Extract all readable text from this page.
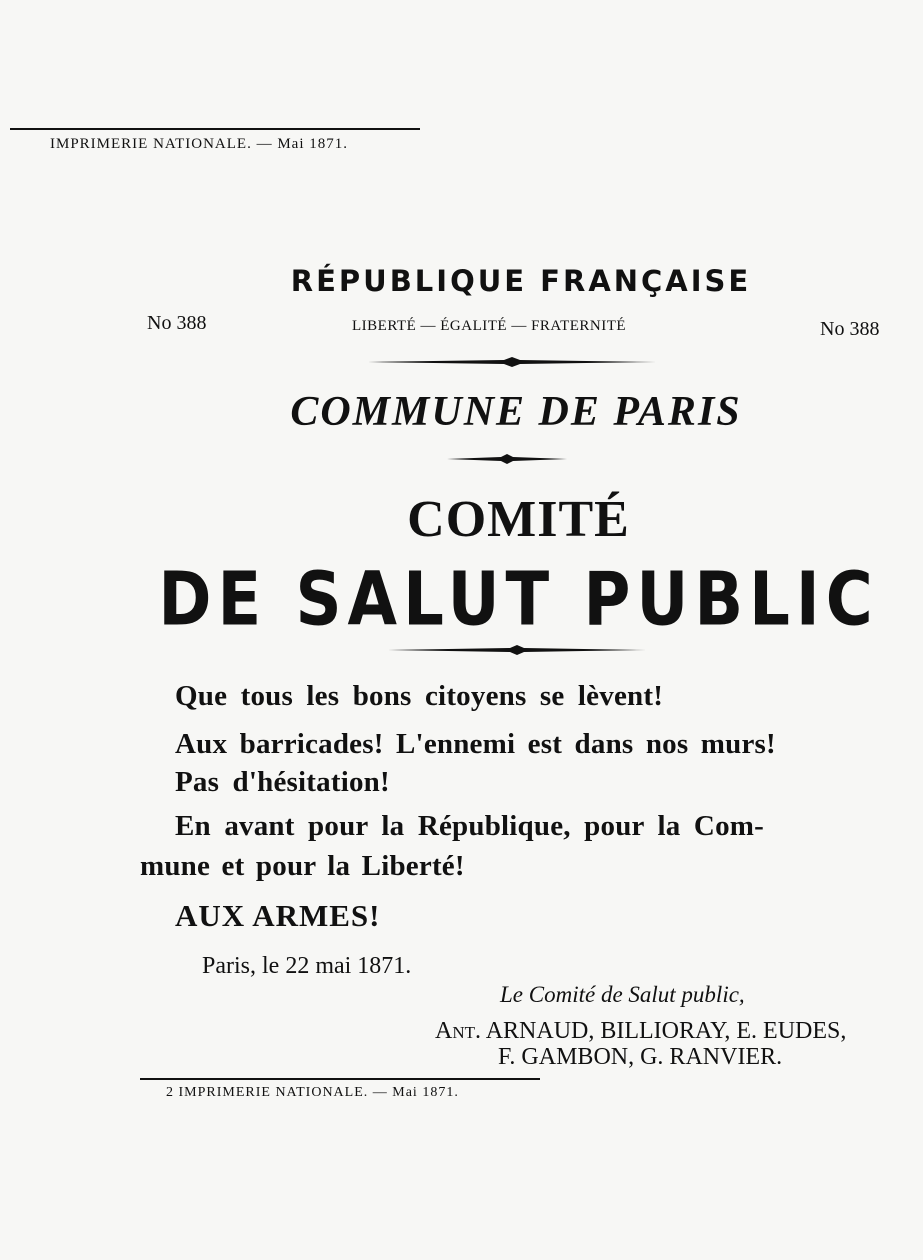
IMPRIMERIE NATIONALE. — Mai 1871.
RÉPUBLIQUE FRANÇAISE
No 388	LIBERTÉ — ÉGALITÉ — FRATERNITÉ	No 388
COMMUNE DE PARIS
COMITÉ
DE SALUT PUBLIC
Que tous les bons citoyens se lèvent!
Aux barricades! L'ennemi est dans nos murs!
Pas d'hésitation!
En avant pour la République, pour la Com-
mune et pour la Liberté!
AUX ARMES!
Paris, le 22 mai 1871.
Le Comité de Salut public,
Ant. ARNAUD, BILLIORAY, E. EUDES,
F. GAMBON, G. RANVIER.
2 IMPRIMERIE NATIONALE. — Mai 1871.
